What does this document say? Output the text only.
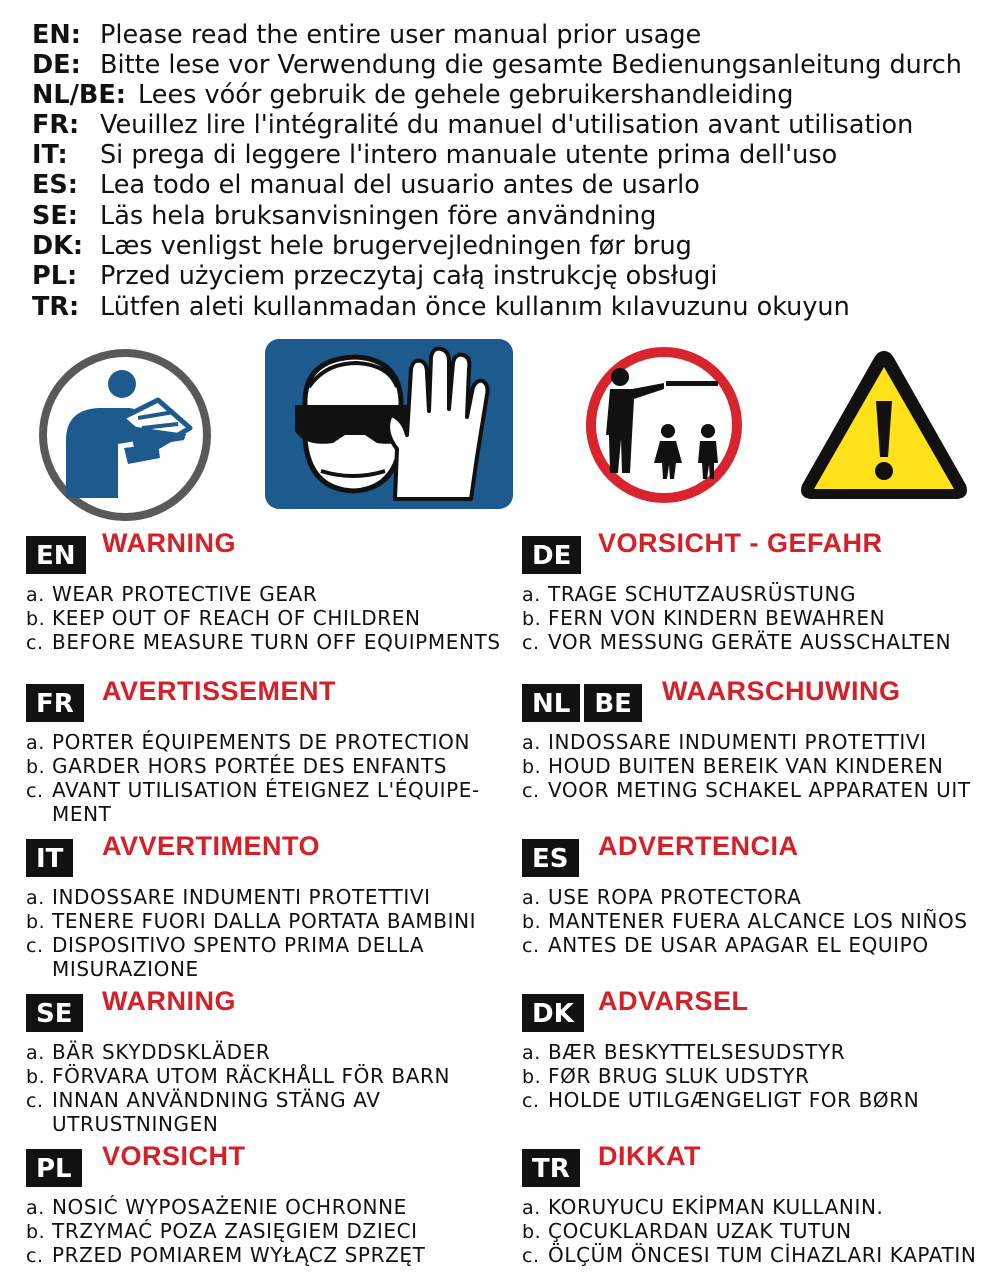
EN: Please read the entire user manual prior usage
DE: Bitte lese vor Verwendung die gesamte Bedienungsanleitung durch
NL/BE: Lees vóór gebruik de gehele gebruikershandleiding
FR: Veuillez lire l'intégralité du manuel d'utilisation avant utilisation
IT: Si prega di leggere l'intero manuale utente prima dell'uso
ES: Lea todo el manual del usuario antes de usarlo
SE: Läs hela bruksanvisningen före användning
DK: Læs venligst hele brugervejledningen før brug
PL: Przed użyciem przeczytaj całą instrukcję obsługi
TR: Lütfen aleti kullanmadan önce kullanım kılavuzunu okuyun
EN WARNING
a. WEAR PROTECTIVE GEAR
b. KEEP OUT OF REACH OF CHILDREN
c. BEFORE MEASURE TURN OFF EQUIPMENTS
DE VORSICHT - GEFAHR
a. TRAGE SCHUTZAUSRÜSTUNG
b. FERN VON KINDERN BEWAHREN
c. VOR MESSUNG GERÄTE AUSSCHALTEN
FR	AVERTISSEMENT
a. PORTER ÉQUIPEMENTS DE PROTECTION
b. GARDER HORS PORTÉE DES ENFANTS
c. AVANT UTILISATION ÉTEIGNEZ L'ÉQUIPE-MENT
NL BE	WAARSCHUWING
a. INDOSSARE INDUMENTI PROTETTIVI
b. HOUD BUITEN BEREIK VAN KINDEREN
c. VOOR METING SCHAKEL APPARATEN UIT
IT	AVVERTIMENTO
a. INDOSSARE INDUMENTI PROTETTIVI
b. TENERE FUORI DALLA PORTATA BAMBINI
c. DISPOSITIVO SPENTO PRIMA DELLA MISURAZIONE
ES	ADVERTENCIA
a. USE ROPA PROTECTORA
b. MANTENER FUERA ALCANCE LOS NIÑOS
c. ANTES DE USAR APAGAR EL EQUIPO
SE	WARNING
a. BÄR SKYDDSKLÄDER
b. FÖRVARA UTOM RÄCKHÅLL FÖR BARN
c. INNAN ANVÄNDNING STÄNG AV UTRUSTNINGEN
DK ADVARSEL
a. BÆR BESKYTTELSESUDSTYR
b. FØR BRUG SLUK UDSTYR
c. HOLDE UTILGÆNGELIGT FOR BØRN
PL	VORSICHT
a. NOSIĆ WYPOSAŻENIE OCHRONNE
b. TRZYMAĆ POZA ZASIĘGIEM DZIECI
c. PRZED POMIAREM WYŁĄCZ SPRZĘT
TR	DIKKAT
a. KORUYUCU EKİPMAN KULLANIN.
b. ÇOCUKLARDAN UZAK TUTUN
c. ÖLÇÜM ÖNCESI TUM CİHAZLARI KAPATIN
